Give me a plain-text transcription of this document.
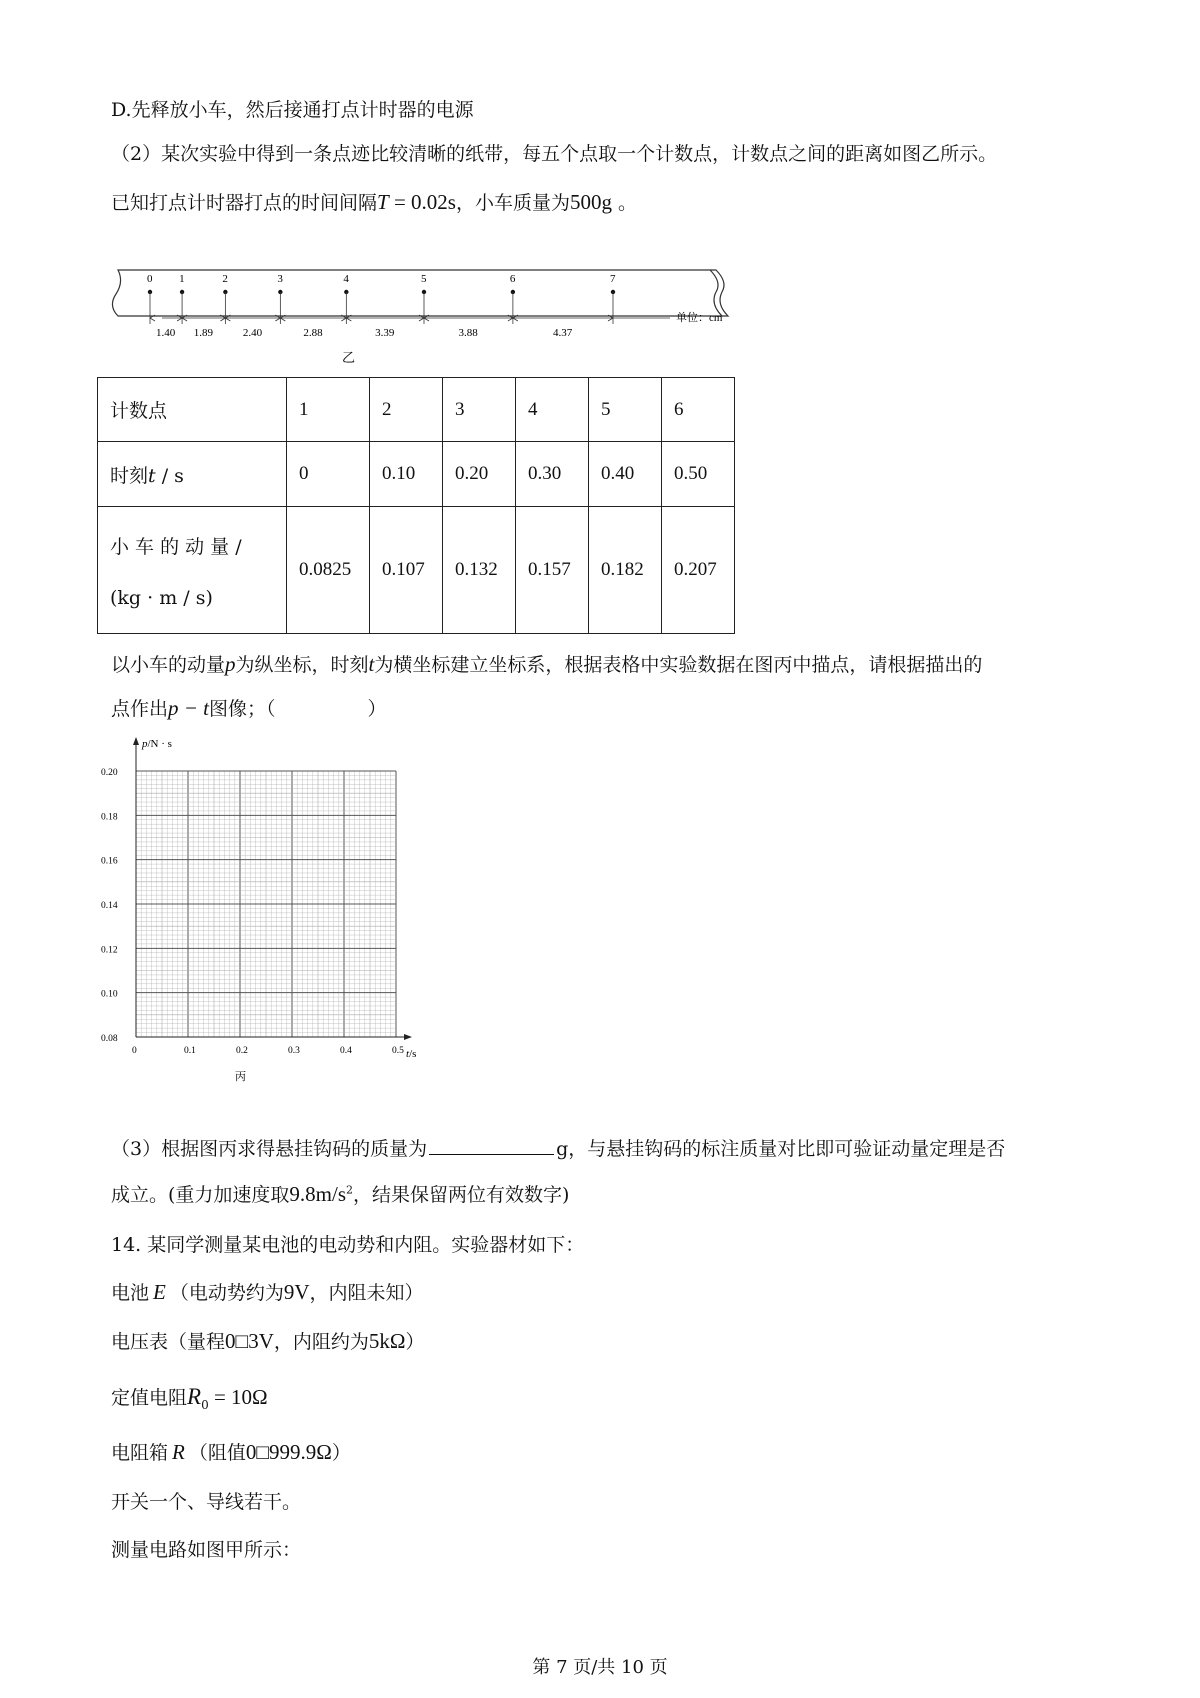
D.先释放小车，然后接通打点计时器的电源
（2）某次实验中得到一条点迹比较清晰的纸带，每五个点取一个计数点，计数点之间的距离如图乙所示。
已知打点计时器打点的时间间隔T = 0.02s，小车质量为500g 。
0 1	2	3	4	5	6	7
1.40 1.89	2.40	2.88	3.39	3.88	4.37
单位：cm
乙
计数点	1	2	3	4	5	6
时刻t / s	0	0.10	0.20	0.30	0.40	0.50

小 车 的 动 量 /
(kg · m / s)	0.0825	0.107	0.132	0.157	0.182	0.207
以小车的动量p为纵坐标，时刻t为横坐标建立坐标系，根据表格中实验数据在图丙中描点，请根据描出的
点作出p − t图像；（	）
p/N · s
t/s
0.20
0.18
0.16
0.14
0.12
0.10
0.08
0	0.1	0.2	0.3	0.4	0.5
丙
（3）根据图丙求得悬挂钩码的质量为	g，与悬挂钩码的标注质量对比即可验证动量定理是否
成立。(重力加速度取$9.8m/s^2$，结果保留两位有效数字)
14. 某同学测量某电池的电动势和内阻。实验器材如下：
电池 E （电动势约为9V，内阻未知）
电压表（量程0□3V，内阻约为5kΩ）
定值电阻$R_0 = 10\Omega$
电阻箱 R （阻值0□999.9Ω）
开关一个、导线若干。
测量电路如图甲所示：
第 7 页/共 10 页
